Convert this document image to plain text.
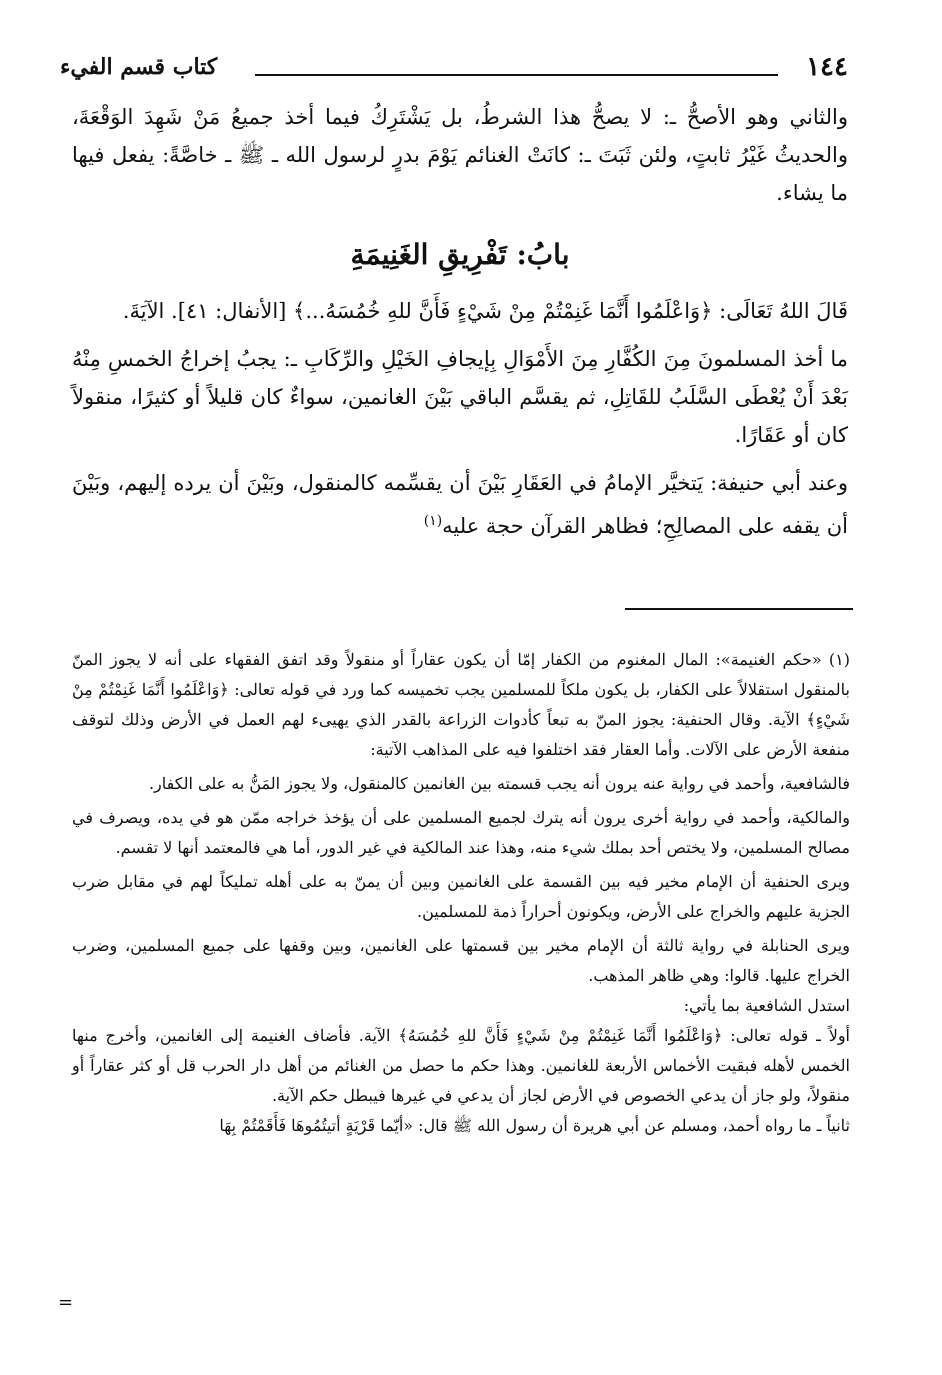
١٤٤
كتاب قسم الفيء

والثاني وهو الأصحُّ ـ: لا يصحُّ هذا الشرطُ، بل يَشْتَرِكُ فيما أخذ جميعُ مَنْ شَهِدَ الوَقْعَةَ، والحديثُ غَيْرُ ثابتٍ، ولئن ثَبَتَ ـ: كانَتْ الغنائم يَوْمَ بدرٍ لرسول الله ـ ﷺ ـ خاصَّةً: يفعل فيها ما يشاء.

بابُ: تَفْرِيقِ الغَنِيمَةِ

قَالَ اللهُ تَعَالَى: ﴿وَاعْلَمُوا أَنَّمَا غَنِمْتُمْ مِنْ شَيْءٍ فَأَنَّ للهِ خُمُسَهُ...﴾ [الأنفال: ٤١]. الآيَةَ.

ما أخذ المسلمونَ مِنَ الكُفَّارِ مِنَ الأَمْوَالِ بِإيجافِ الخَيْلِ والرِّكَابِ ـ: يجبُ إخراجُ الخمسِ مِنْهُ بَعْدَ أَنْ يُعْطَى السَّلَبُ للقَاتِلِ، ثم يقسَّم الباقي بَيْنَ الغانمين، سواءٌ كان قليلاً أو كثيرًا، منقولاً كان أو عَقَارًا.

وعند أبي حنيفة: يَتخيَّر الإمامُ في العَقَارِ بَيْنَ أن يقسِّمه كالمنقول، وبَيْنَ أن يرده إليهم، وبَيْنَ أن يقفه على المصالِحِ؛ فظاهر القرآن حجة عليه$^{(١)}$

(١) «حكم الغنيمة»: المال المغنوم من الكفار إمّا أن يكون عقاراً أو منقولاً وقد اتفق الفقهاء على أنه لا يجوز المنّ بالمنقول استقلالاً على الكفار، بل يكون ملكاً للمسلمين يجب تخميسه كما ورد في قوله تعالى: ﴿وَاعْلَمُوا أَنَّمَا غَنِمْتُمْ مِنْ شَيْءٍ﴾ الآية. وقال الحنفية: يجوز المنّ به تبعاً كأدوات الزراعة بالقدر الذي يهيىء لهم العمل في الأرض وذلك لتوقف منفعة الأرض على الآلات. وأما العقار فقد اختلفوا فيه على المذاهب الآتية:

فالشافعية، وأحمد في رواية عنه يرون أنه يجب قسمته بين الغانمين كالمنقول، ولا يجوز المَنُّ به على الكفار.

والمالكية، وأحمد في رواية أخرى يرون أنه يترك لجميع المسلمين على أن يؤخذ خراجه ممّن هو في يده، ويصرف في مصالح المسلمين، ولا يختص أحد بملك شيء منه، وهذا عند المالكية في غير الدور، أما هي فالمعتمد أنها لا تقسم.

ويرى الحنفية أن الإمام مخير فيه بين القسمة على الغانمين وبين أن يمنّ به على أهله تمليكاً لهم في مقابل ضرب الجزية عليهم والخراج على الأرض، ويكونون أحراراً ذمة للمسلمين.

ويرى الحنابلة في رواية ثالثة أن الإمام مخير بين قسمتها على الغانمين، وبين وقفها على جميع المسلمين، وضرب الخراج عليها. قالوا: وهي ظاهر المذهب.

استدل الشافعية بما يأتي:

أولاً ـ قوله تعالى: ﴿وَاعْلَمُوا أَنَّمَا غَنِمْتُمْ مِنْ شَيْءٍ فَأَنَّ للهِ خُمُسَهُ﴾ الآية. فأضاف الغنيمة إلى الغانمين، وأخرج منها الخمس لأهله فبقيت الأخماس الأربعة للغانمين. وهذا حكم ما حصل من الغنائم من أهل دار الحرب قل أو كثر عقاراً أو منقولاً، ولو جاز أن يدعي الخصوص في الأرض لجاز أن يدعي في غيرها فيبطل حكم الآية.

ثانياً ـ ما رواه أحمد، ومسلم عن أبي هريرة أن رسول الله ﷺ قال: «أيّما قَرْيَةٍ أتيتُمُوهَا فَأَقَمْتُمْ بِهَا

=
